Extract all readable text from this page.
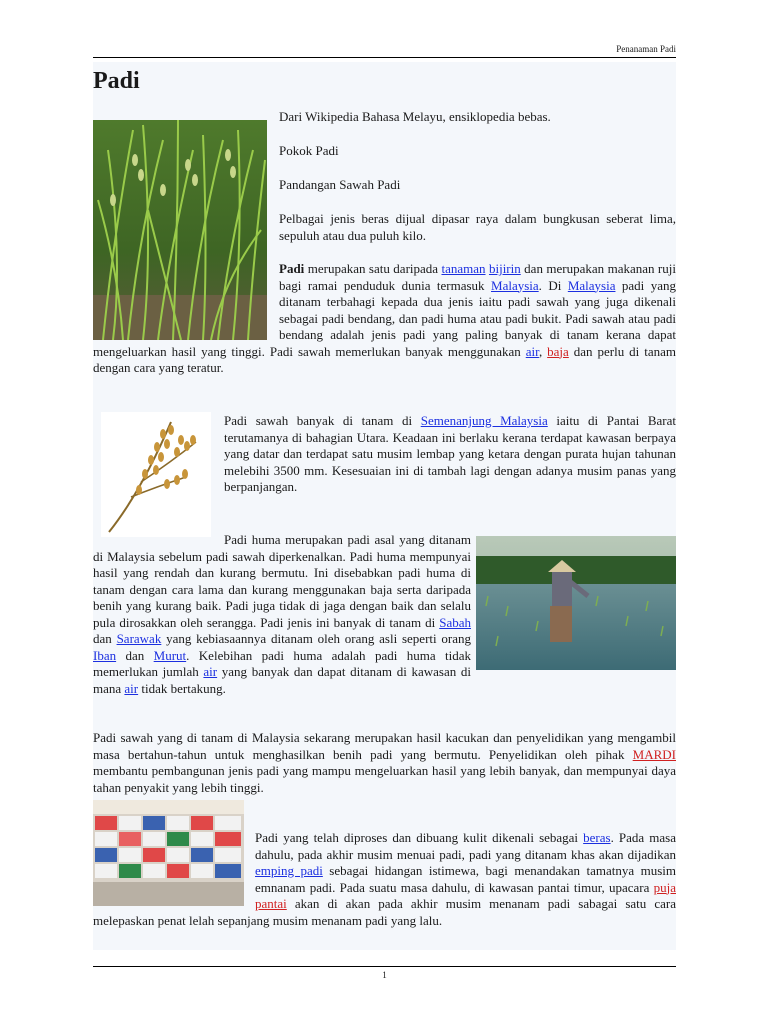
Penanaman Padi
Padi
Dari Wikipedia Bahasa Melayu, ensiklopedia bebas.
Pokok Padi
Pandangan Sawah Padi
Pelbagai jenis beras dijual dipasar raya dalam bungkusan seberat lima, sepuluh atau dua puluh kilo.

Padi merupakan satu daripada tanaman bijirin dan merupakan makanan ruji bagi ramai penduduk dunia termasuk Malaysia. Di Malaysia padi yang ditanam terbahagi kepada dua jenis iaitu padi sawah yang juga dikenali sebagai padi bendang, dan padi huma atau padi bukit. Padi sawah atau padi bendang adalah jenis padi yang paling banyak di tanam kerana dapat mengeluarkan hasil yang tinggi. Padi sawah memerlukan banyak menggunakan air, baja dan perlu di tanam dengan cara yang teratur.

Padi sawah banyak di tanam di Semenanjung Malaysia iaitu di Pantai Barat terutamanya di bahagian Utara. Keadaan ini berlaku kerana terdapat kawasan berpaya yang datar dan terdapat satu musim lembap yang ketara dengan purata hujan tahunan melebihi 3500 mm. Kesesuaian ini di tambah lagi dengan adanya musim panas yang berpanjangan.

Padi huma merupakan padi asal yang ditanam di Malaysia sebelum padi sawah diperkenalkan. Padi huma mempunyai hasil yang rendah dan kurang bermutu. Ini disebabkan padi huma di tanam dengan cara lama dan kurang menggunakan baja serta daripada benih yang kurang baik. Padi juga tidak di jaga dengan baik dan selalu pula dirosakkan oleh serangga. Padi jenis ini banyak di tanam di Sabah dan Sarawak yang kebiasaannya ditanam oleh orang asli seperti orang Iban dan Murut. Kelebihan padi huma adalah padi huma tidak memerlukan jumlah air yang banyak dan dapat ditanam di kawasan di mana air tidak bertakung.

Padi sawah yang di tanam di Malaysia sekarang merupakan hasil kacukan dan penyelidikan yang mengambil masa bertahun-tahun untuk menghasilkan benih padi yang bermutu. Penyelidikan oleh pihak MARDI membantu pembangunan jenis padi yang mampu mengeluarkan hasil yang lebih banyak, dan mempunyai daya tahan penyakit yang lebih tinggi.

Padi yang telah diproses dan dibuang kulit dikenali sebagai beras. Pada masa dahulu, pada akhir musim menuai padi, padi yang ditanam khas akan dijadikan emping padi sebagai hidangan istimewa, bagi menandakan tamatnya musim emnanam padi. Pada suatu masa dahulu, di kawasan pantai timur, upacara puja pantai akan di akan pada akhir musim menanam padi sabagai satu cara melepaskan penat lelah sepanjang musim menanam padi yang lalu.

1
